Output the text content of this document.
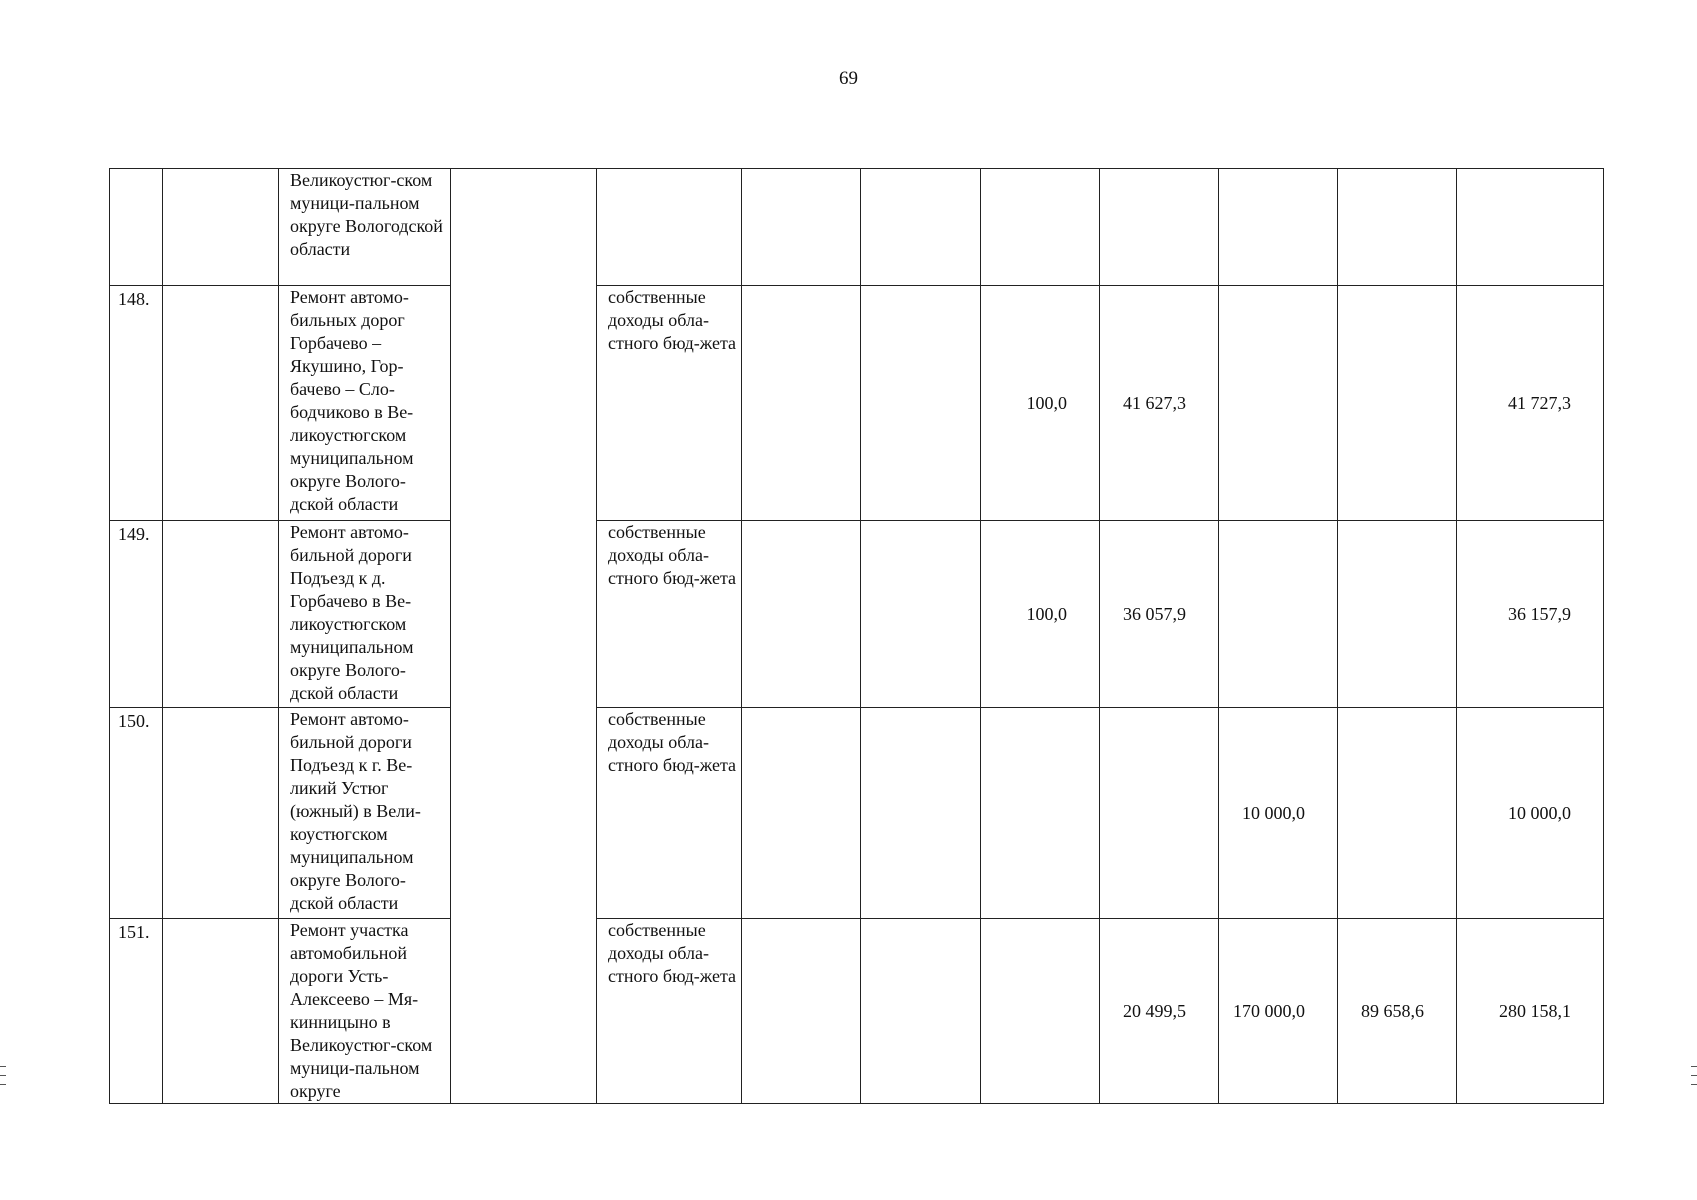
69
		Великоустюг-ском муници-пальном округе Вологодской области									
148.		Ремонт автомо-бильных дорог Горбачево – Якушино, Гор-бачево – Сло-бодчиково в Ве-ликоустюгском муниципальном округе Волого-дской области		собственные доходы обла-стного бюд-жета			100,0	41 627,3			41 727,3
149.		Ремонт автомо-бильной дороги Подъезд к д. Горбачево в Ве-ликоустюгском муниципальном округе Волого-дской области		собственные доходы обла-стного бюд-жета			100,0	36 057,9			36 157,9
150.		Ремонт автомо-бильной дороги Подъезд к г. Ве-ликий Устюг (южный) в Вели-коустюгском муниципальном округе Волого-дской области		собственные доходы обла-стного бюд-жета					10 000,0		10 000,0
151.		Ремонт участка автомобильной дороги Усть-Алексеево – Мя-кинницыно в Великоустюг-ском муници-пальном округе		собственные доходы обла-стного бюд-жета				20 499,5	170 000,0	89 658,6	280 158,1
